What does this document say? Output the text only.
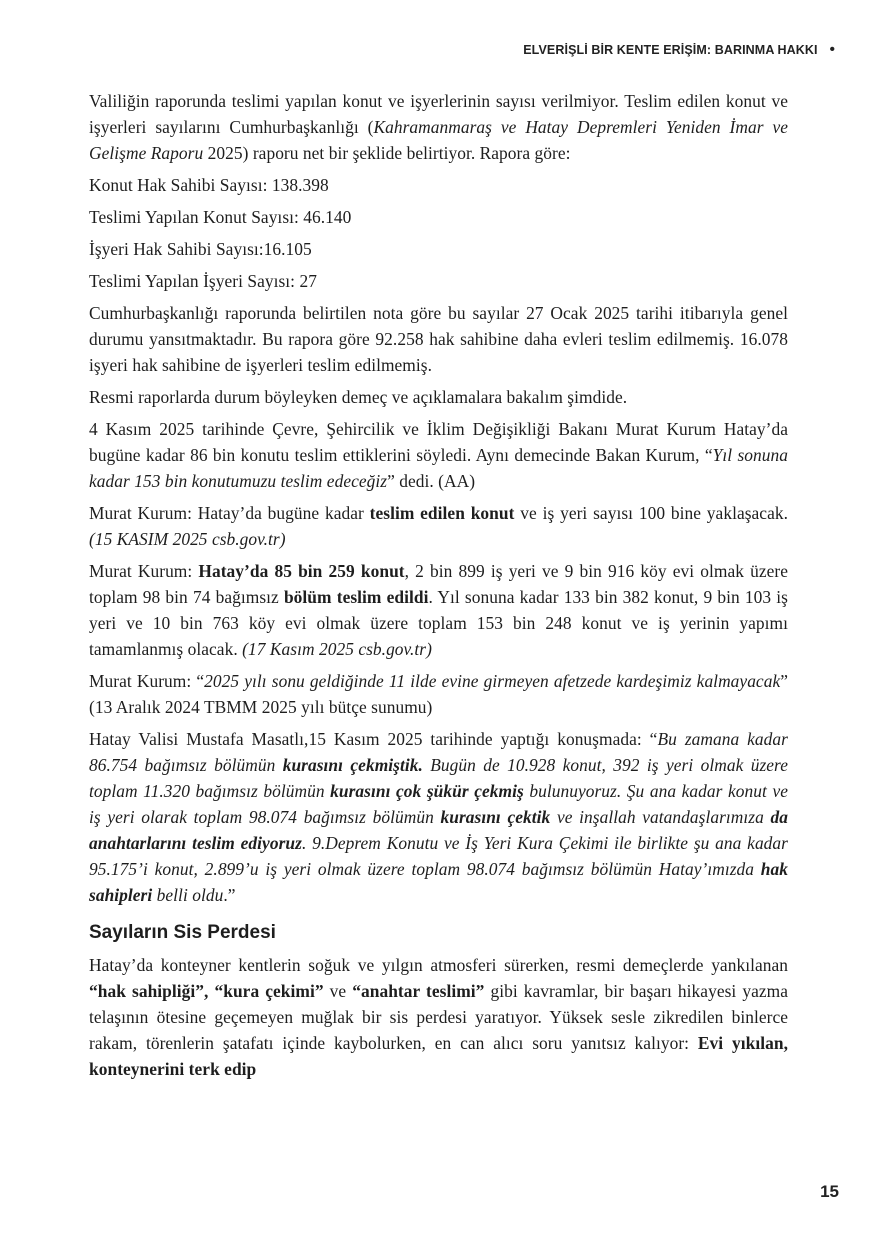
ELVERİŞLİ BİR KENTE ERİŞİM: BARINMA HAKKI •

Valiliğin raporunda teslimi yapılan konut ve işyerlerinin sayısı verilmiyor. Teslim edilen konut ve işyerleri sayılarını Cumhurbaşkanlığı (Kahramanmaraş ve Hatay Depremleri Yeniden İmar ve Gelişme Raporu 2025) raporu net bir şeklide belirtiyor. Rapora göre:

Konut Hak Sahibi Sayısı: 138.398

Teslimi Yapılan Konut Sayısı: 46.140

İşyeri Hak Sahibi Sayısı:16.105

Teslimi Yapılan İşyeri Sayısı: 27

Cumhurbaşkanlığı raporunda belirtilen nota göre bu sayılar 27 Ocak 2025 tarihi itibarıyla genel durumu yansıtmaktadır. Bu rapora göre 92.258 hak sahibine daha evleri teslim edilmemiş. 16.078 işyeri hak sahibine de işyerleri teslim edilmemiş.

Resmi raporlarda durum böyleyken demeç ve açıklamalara bakalım şimdide.

4 Kasım 2025 tarihinde Çevre, Şehircilik ve İklim Değişikliği Bakanı Murat Kurum Hatay’da bugüne kadar 86 bin konutu teslim ettiklerini söyledi. Aynı demecinde Bakan Kurum, “Yıl sonuna kadar 153 bin konutumuzu teslim edeceğiz” dedi. (AA)

Murat Kurum: Hatay’da bugüne kadar teslim edilen konut ve iş yeri sayısı 100 bine yaklaşacak. (15 KASIM 2025 csb.gov.tr)

Murat Kurum: Hatay’da 85 bin 259 konut, 2 bin 899 iş yeri ve 9 bin 916 köy evi olmak üzere toplam 98 bin 74 bağımsız bölüm teslim edildi. Yıl sonuna kadar 133 bin 382 konut, 9 bin 103 iş yeri ve 10 bin 763 köy evi olmak üzere toplam 153 bin 248 konut ve iş yerinin yapımı tamamlanmış olacak. (17 Kasım 2025 csb.gov.tr)

Murat Kurum: “2025 yılı sonu geldiğinde 11 ilde evine girmeyen afetzede kardeşimiz kalmayacak” (13 Aralık 2024 TBMM 2025 yılı bütçe sunumu)

Hatay Valisi Mustafa Masatlı,15 Kasım 2025 tarihinde yaptığı konuşmada: “Bu zamana kadar 86.754 bağımsız bölümün kurasını çekmiştik. Bugün de 10.928 konut, 392 iş yeri olmak üzere toplam 11.320 bağımsız bölümün kurasını çok şükür çekmiş bulunuyoruz. Şu ana kadar konut ve iş yeri olarak toplam 98.074 bağımsız bölümün kurasını çektik ve inşallah vatandaşlarımıza da anahtarlarını teslim ediyoruz. 9.Deprem Konutu ve İş Yeri Kura Çekimi ile birlikte şu ana kadar 95.175’i konut, 2.899’u iş yeri olmak üzere toplam 98.074 bağımsız bölümün Hatay’ımızda hak sahipleri belli oldu.”

Sayıların Sis Perdesi

Hatay’da konteyner kentlerin soğuk ve yılgın atmosferi sürerken, resmi demeçlerde yankılanan “hak sahipliği”, “kura çekimi” ve “anahtar teslimi” gibi kavramlar, bir başarı hikayesi yazma telaşının ötesine geçemeyen muğlak bir sis perdesi yaratıyor. Yüksek sesle zikredilen binlerce rakam, törenlerin şatafatı içinde kaybolurken, en can alıcı soru yanıtsız kalıyor: Evi yıkılan, konteynerini terk edip

15
